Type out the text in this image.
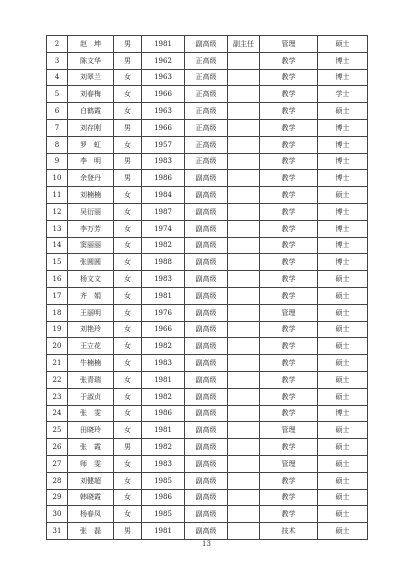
2	赵　坤	男	1981	副高级	副主任	管理	硕士
3	陈文华	男	1962	正高级		教学	博士
4	刘翠兰	女	1963	正高级		教学	博士
5	刘春梅	女	1966	正高级		教学	学士
6	白鹤霞	女	1963	正高级		教学	硕士
7	刘存刚	男	1966	正高级		教学	博士
8	罗　虹	女	1957	正高级		教学	博士
9	李　明	男	1983	正高级		教学	博士
10	余登丹	男	1986	副高级		教学	博士
11	刘楠楠	女	1984	副高级		教学	硕士
12	吴衍丽	女	1987	副高级		教学	博士
13	李万芳	女	1974	副高级		教学	博士
14	窦丽丽	女	1982	副高级		教学	博士
15	张圆圆	女	1988	副高级		教学	博士
16	杨文文	女	1983	副高级		教学	硕士
17	齐　娟	女	1981	副高级		教学	硕士
18	王丽明	女	1976	副高级		管理	硕士
19	刘艳玲	女	1966	副高级		教学	硕士
20	王立花	女	1982	副高级		教学	硕士
21	牛楠楠	女	1983	副高级		教学	硕士
22	张青瑞	女	1981	副高级		教学	硕士
23	于淑贞	女	1982	副高级		教学	硕士
24	张　雯	女	1986	副高级		教学	博士
25	田晓玲	女	1981	副高级		管理	硕士
26	张　霞	男	1982	副高级		教学	硕士
27	师　雯	女	1983	副高级		管理	硕士
28	刘健超	女	1985	副高级		教学	硕士
29	韩晓霞	女	1986	副高级		教学	硕士
30	杨春凤	女	1985	副高级		教学	硕士
31	张　磊	男	1981	副高级		技术	硕士
13
